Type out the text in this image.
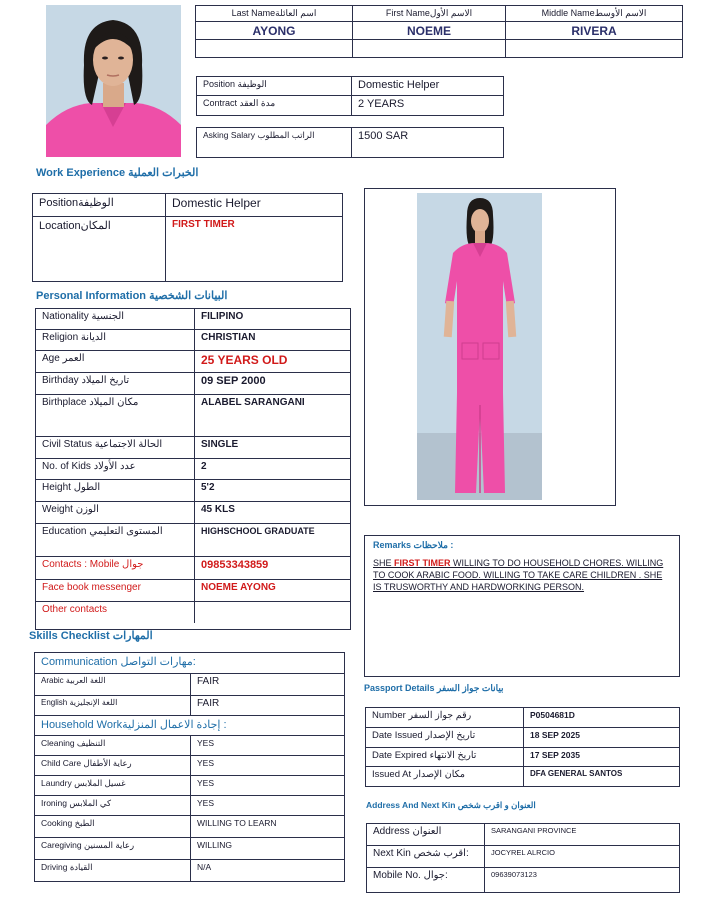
Last Nameاسم العائلة	First Nameالاسم الأول	Middle Nameالاسم الأوسط
AYONG	NOEME	RIVERA
Position الوظيفة	Domestic Helper
Contract مدة العقد	2 YEARS
Asking Salary الراتب المطلوب	1500 SAR
Work Experience الخبرات العملية
Positionالوظيفة	Domestic Helper
Locationالمكان	FIRST TIMER
Personal Information البيانات الشخصية
Nationality الجنسية	FILIPINO
Religion الديانة	CHRISTIAN
Age العمر	25 YEARS OLD
Birthday تاريخ الميلاد	09 SEP 2000
Birthplace مكان الميلاد	ALABEL SARANGANI
Civil Status الحالة الاجتماعية	SINGLE
No. of Kids عدد الأولاد	2
Height الطول	5'2
Weight الوزن	45 KLS
Education المستوى التعليمي	HIGHSCHOOL GRADUATE
Contacts : Mobile جوال	09853343859
Face book messenger	NOEME AYONG
Other contacts
Skills Checklist المهارات
Communication مهارات التواصل:
Arabic اللغة العربية	FAIR
English اللغة الإنجليزية	FAIR
Household Workإجادة الاعمال المنزلية :
Cleaning التنظيف	YES
Child Care رعاية الأطفال	YES
Laundry غسيل الملابس	YES
Ironing كي الملابس	YES
Cooking الطبخ	WILLING TO LEARN
Caregiving رعاية المسنين	WILLING
Driving القيادة	N/A
Remarks ملاحظات :
SHE FIRST TIMER WILLING TO DO HOUSEHOLD CHORES. WILLING TO COOK ARABIC FOOD. WILLING TO TAKE CARE CHILDREN . SHE IS TRUSWORTHY AND HARDWORKING PERSON.
Passport Details بيانات جواز السفر
Number رقم جواز السفر	P0504681D
Date Issued تاريخ الإصدار	18 SEP 2025
Date Expired تاريخ الانتهاء	17 SEP 2035
Issued At مكان الإصدار	DFA GENERAL SANTOS
Address And Next Kin العنوان و اقرب شخص
Address العنوان	SARANGANI PROVINCE
Next Kin اقرب شخص:	JOCYREL ALRCIO
Mobile No. جوال:	09639073123
